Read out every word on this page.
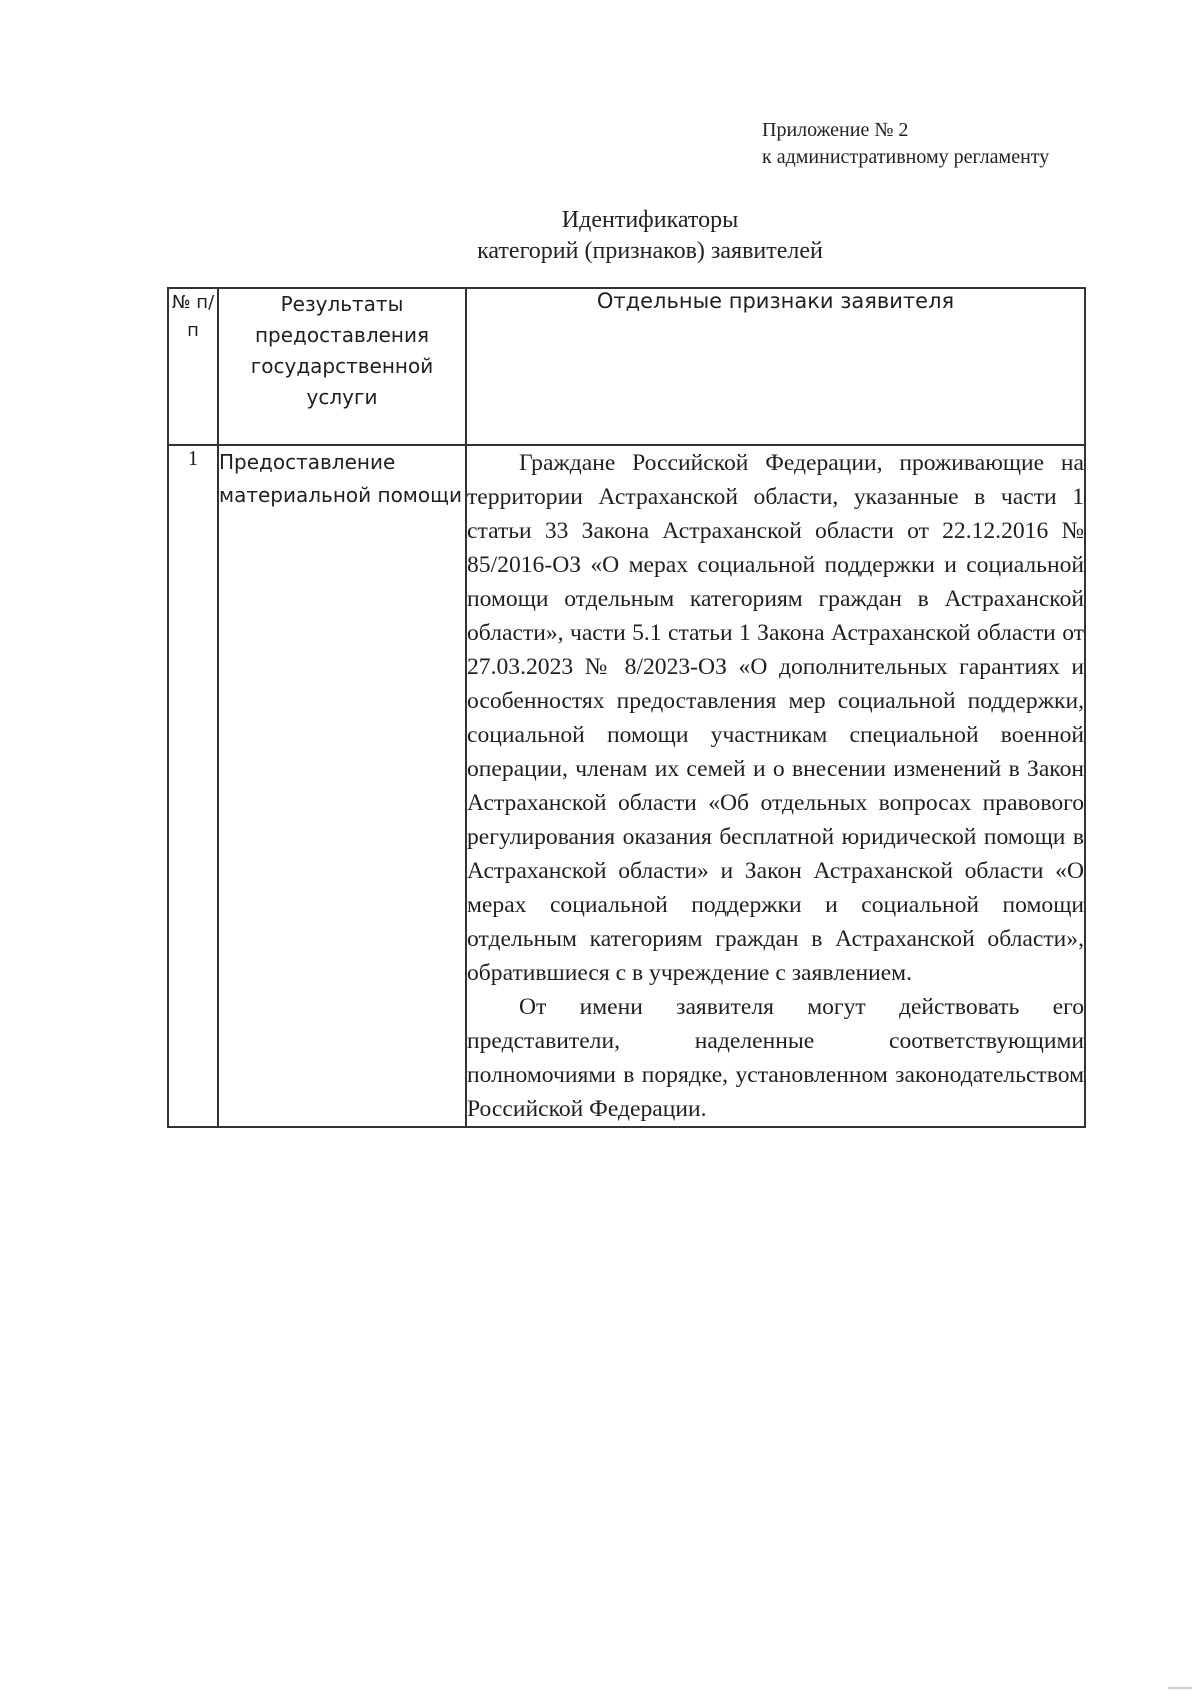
Приложение № 2
к административному регламенту
Идентификаторы
категорий (признаков) заявителей
№ п/п	Результаты предоставления государственной услуги	Отдельные признаки заявителя
1	Предоставление материальной помощи	Граждане Российской Федерации, проживающие на территории Астраханской области, указанные в части 1 статьи 33 Закона Астраханской области от 22.12.2016 № 85/2016-ОЗ «О мерах социальной поддержки и социальной помощи отдельным категориям граждан в Астраханской области», части 5.1 статьи 1 Закона Астраханской области от 27.03.2023 № 8/2023-ОЗ «О дополнительных гарантиях и особенностях предоставления мер социальной поддержки, социальной помощи участникам специальной военной операции, членам их семей и о внесении изменений в Закон Астраханской области «Об отдельных вопросах правового регулирования оказания бесплатной юридической помощи в Астраханской области» и Закон Астраханской области «О мерах социальной поддержки и социальной помощи отдельным категориям граждан в Астраханской области», обратившиеся с в учреждение с заявлением.

От имени заявителя могут действовать его представители, наделенные соответствующими полномочиями в порядке, установленном законодательством Российской Федерации.
